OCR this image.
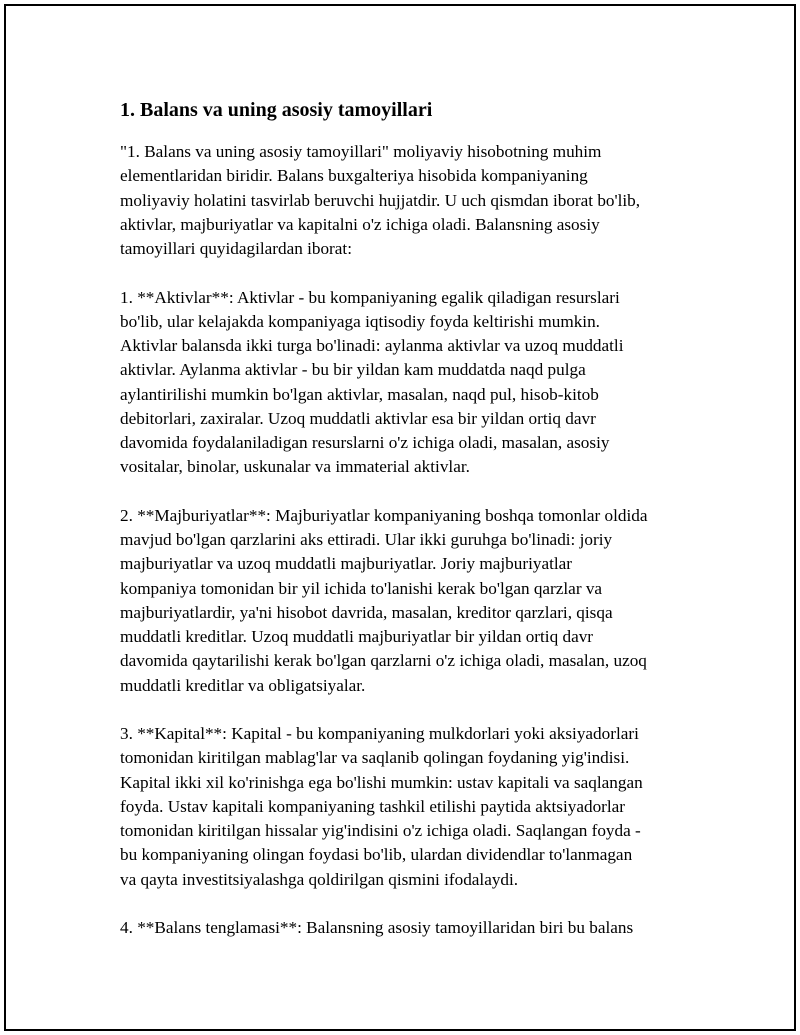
1. Balans va uning asosiy tamoyillari

"1. Balans va uning asosiy tamoyillari" moliyaviy hisobotning muhim
elementlaridan biridir. Balans buxgalteriya hisobida kompaniyaning
moliyaviy holatini tasvirlab beruvchi hujjatdir. U uch qismdan iborat bo'lib,
aktivlar, majburiyatlar va kapitalni o'z ichiga oladi. Balansning asosiy
tamoyillari quyidagilardan iborat:

1. **Aktivlar**: Aktivlar - bu kompaniyaning egalik qiladigan resurslari
bo'lib, ular kelajakda kompaniyaga iqtisodiy foyda keltirishi mumkin.
Aktivlar balansda ikki turga bo'linadi: aylanma aktivlar va uzoq muddatli
aktivlar. Aylanma aktivlar - bu bir yildan kam muddatda naqd pulga
aylantirilishi mumkin bo'lgan aktivlar, masalan, naqd pul, hisob-kitob
debitorlari, zaxiralar. Uzoq muddatli aktivlar esa bir yildan ortiq davr
davomida foydalaniladigan resurslarni o'z ichiga oladi, masalan, asosiy
vositalar, binolar, uskunalar va immaterial aktivlar.

2. **Majburiyatlar**: Majburiyatlar kompaniyaning boshqa tomonlar oldida
mavjud bo'lgan qarzlarini aks ettiradi. Ular ikki guruhga bo'linadi: joriy
majburiyatlar va uzoq muddatli majburiyatlar. Joriy majburiyatlar
kompaniya tomonidan bir yil ichida to'lanishi kerak bo'lgan qarzlar va
majburiyatlardir, ya'ni hisobot davrida, masalan, kreditor qarzlari, qisqa
muddatli kreditlar. Uzoq muddatli majburiyatlar bir yildan ortiq davr
davomida qaytarilishi kerak bo'lgan qarzlarni o'z ichiga oladi, masalan, uzoq
muddatli kreditlar va obligatsiyalar.

3. **Kapital**: Kapital - bu kompaniyaning mulkdorlari yoki aksiyadorlari
tomonidan kiritilgan mablag'lar va saqlanib qolingan foydaning yig'indisi.
Kapital ikki xil ko'rinishga ega bo'lishi mumkin: ustav kapitali va saqlangan
foyda. Ustav kapitali kompaniyaning tashkil etilishi paytida aktsiyadorlar
tomonidan kiritilgan hissalar yig'indisini o'z ichiga oladi. Saqlangan foyda -
bu kompaniyaning olingan foydasi bo'lib, ulardan dividendlar to'lanmagan
va qayta investitsiyalashga qoldirilgan qismini ifodalaydi.

4. **Balans tenglamasi**: Balansning asosiy tamoyillaridan biri bu balans
